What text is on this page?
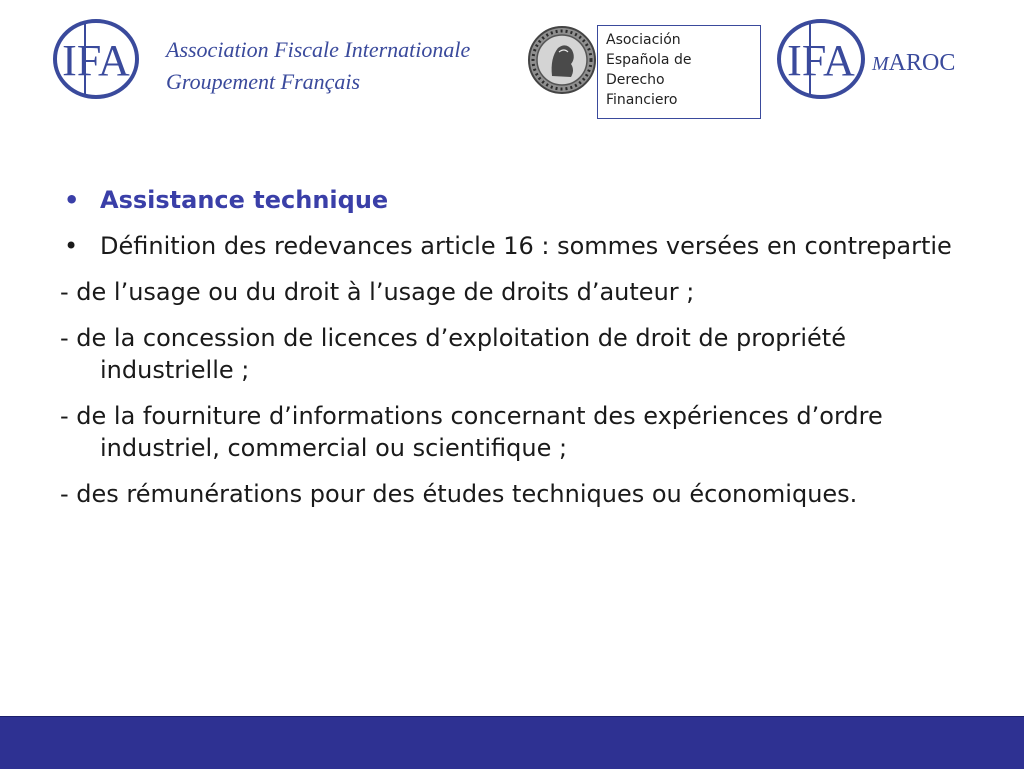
IFA Association Fiscale Internationale
Groupement Français
Asociación
Española de
Derecho
Financiero
IFA MAROC
• Assistance technique
• Définition des redevances article 16 : sommes versées en contrepartie
- de l’usage ou du droit à l’usage de droits d’auteur ;
- de la concession de licences d’exploitation de droit de propriété industrielle ;
- de la fourniture d’informations concernant des expériences d’ordre industriel, commercial ou scientifique ;
- des rémunérations pour des études techniques ou économiques.
